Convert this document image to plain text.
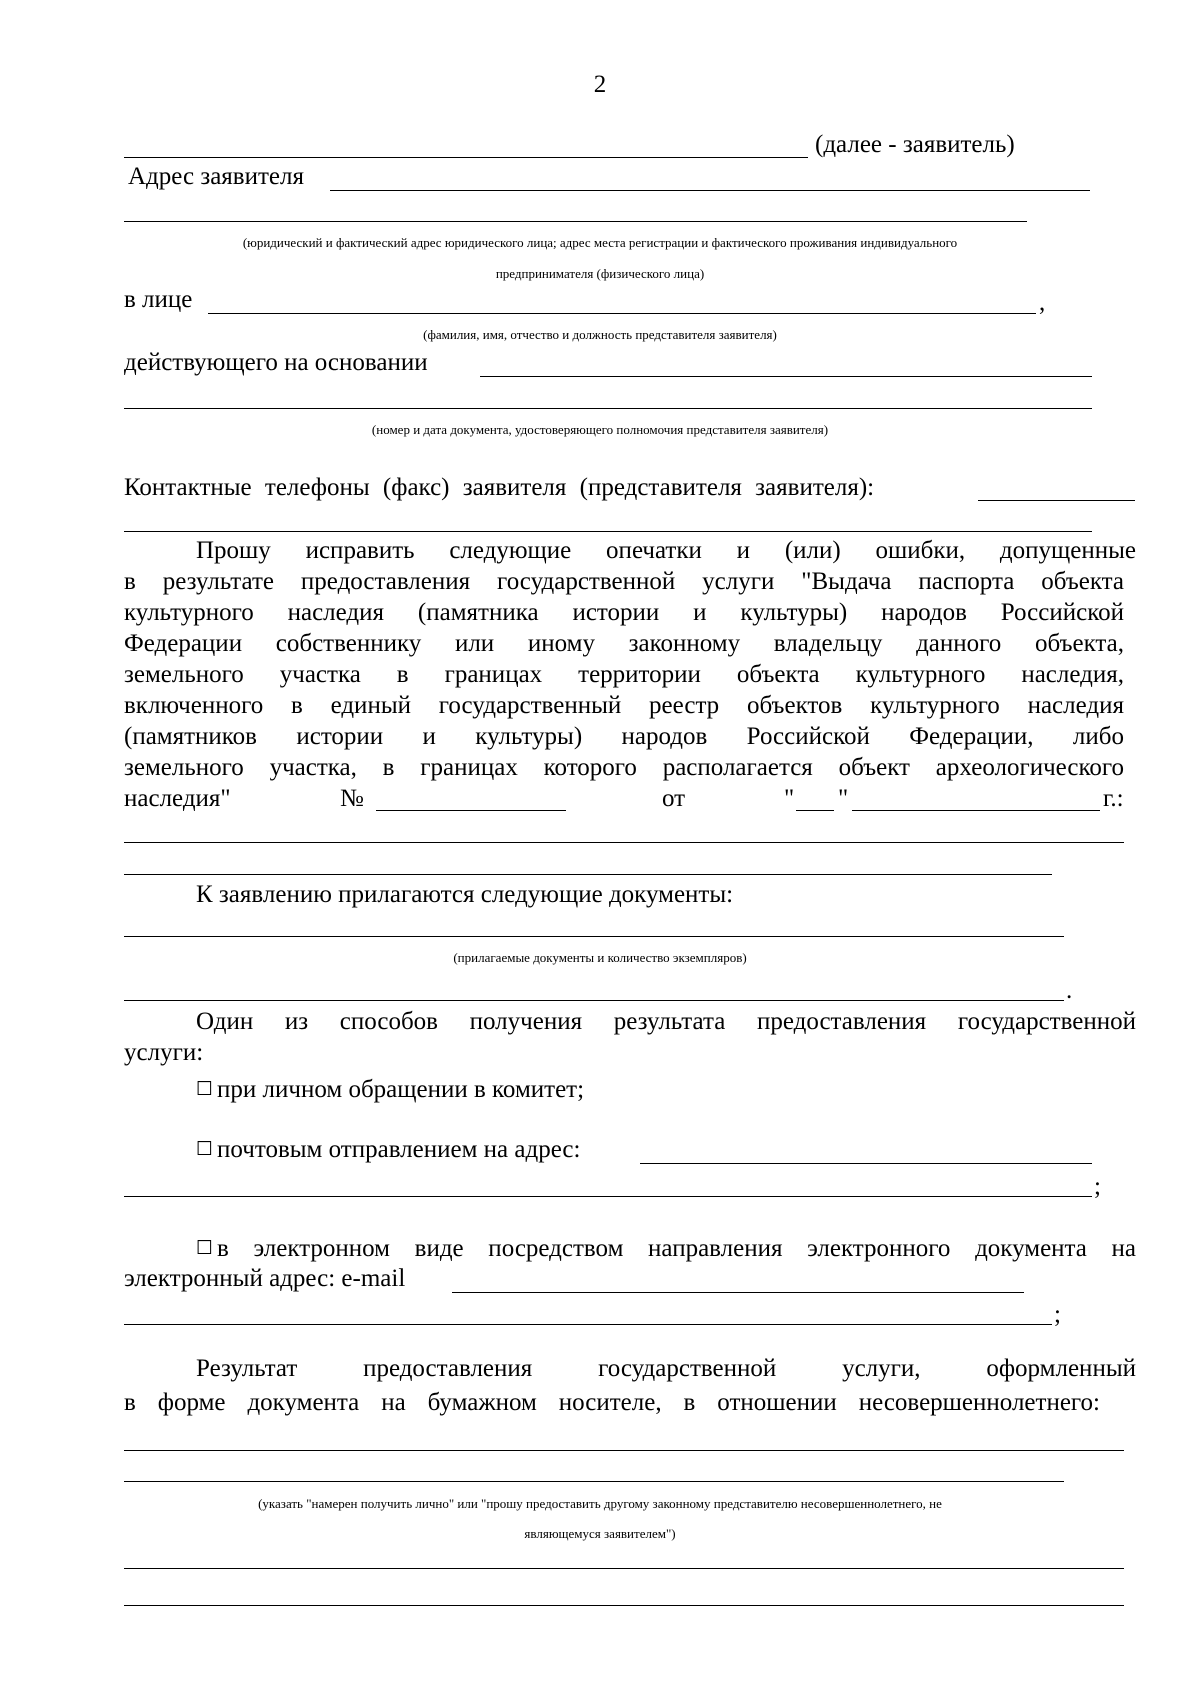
2
(далее - заявитель)
Адрес заявителя
(юридический и фактический адрес юридического лица; адрес места регистрации и фактического проживания индивидуального
предпринимателя (физического лица)
в лице	,
(фамилия, имя, отчество и должность представителя заявителя)
действующего на основании
(номер и дата документа, удостоверяющего полномочия представителя заявителя)
Контактные телефоны (факс) заявителя (представителя заявителя):
Прошу исправить следующие опечатки и (или) ошибки, допущенные
в результате предоставления государственной услуги "Выдача паспорта объекта
культурного наследия (памятника истории и культуры) народов Российской
Федерации собственнику или иному законному владельцу данного объекта,
земельного участка в границах территории объекта культурного наследия,
включенного в единый государственный реестр объектов культурного наследия
(памятников истории и культуры) народов Российской Федерации, либо
земельного участка, в границах которого располагается объект археологического
наследия"	№	от	" "	г.:
К заявлению прилагаются следующие документы:
(прилагаемые документы и количество экземпляров)
.
Один из способов получения результата предоставления государственной
услуги:
☐ при личном обращении в комитет;
☐ почтовым отправлением на адрес:
;
☐ в электронном виде посредством направления электронного документа на
электронный адрес: e-mail
;
Результат предоставления государственной услуги, оформленный
в форме документа на бумажном носителе, в отношении несовершеннолетнего:
(указать "намерен получить лично" или "прошу предоставить другому законному представителю несовершеннолетнего, не
являющемуся заявителем")
